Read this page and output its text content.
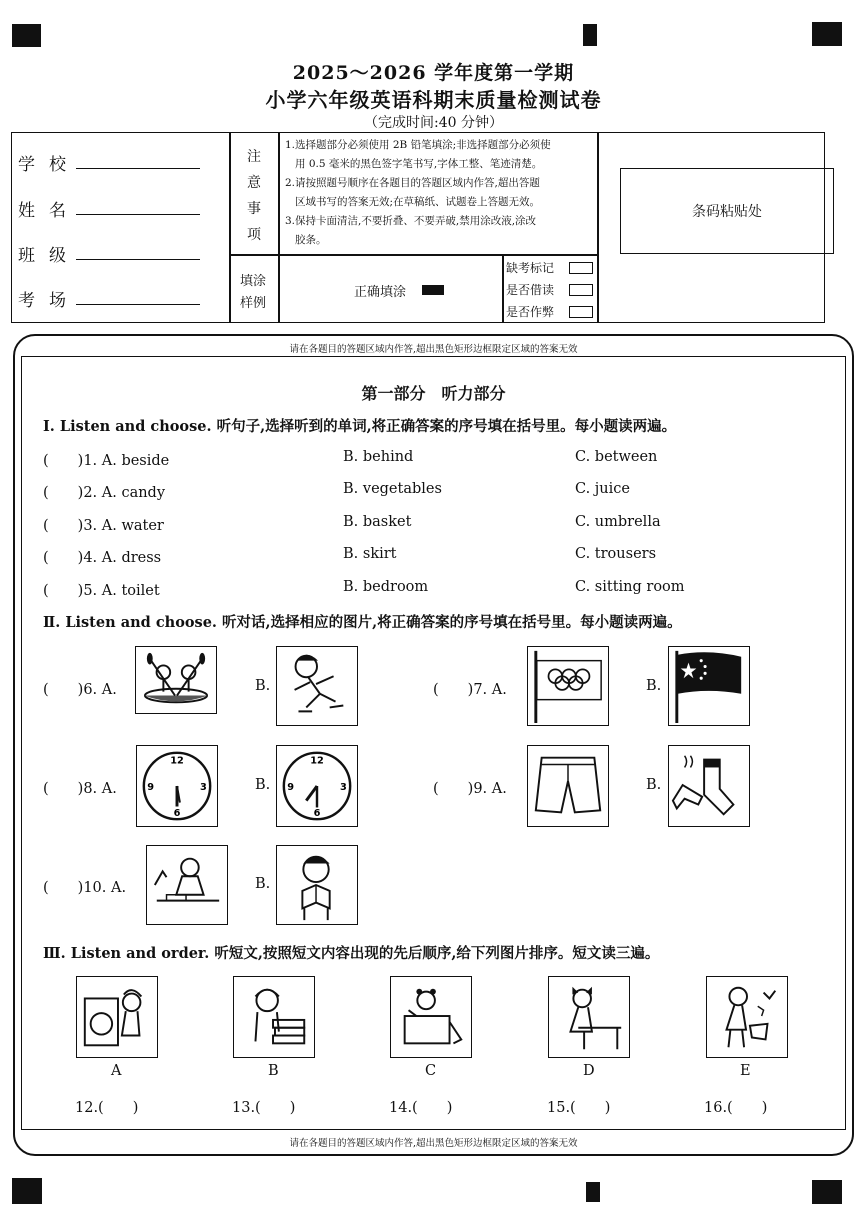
2025～2026 学年度第一学期
小学六年级英语科期末质量检测试卷
（完成时间:40 分钟）
学校
姓名
班级
考场
注
意
事
项
1.选择题部分必须使用 2B 铅笔填涂;非选择题部分必须使
用 0.5 毫米的黑色签字笔书写,字体工整、笔迹清楚。
2.请按照题号顺序在各题目的答题区域内作答,超出答题
区域书写的答案无效;在草稿纸、试题卷上答题无效。
3.保持卡面清洁,不要折叠、不要弄破,禁用涂改液,涂改
胶条。
填涂
样例
正确填涂
缺考标记
是否借读
是否作弊
条码粘贴处
请在各题目的答题区域内作答,超出黑色矩形边框限定区域的答案无效
请在各题目的答题区域内作答,超出黑色矩形边框限定区域的答案无效
第一部分　听力部分
Ⅰ. Listen and choose. 听句子,选择听到的单词,将正确答案的序号填在括号里。每小题读两遍。
(　　)1. A. beside	B. behind	C. between
(　　)2. A. candy	B. vegetables	C. juice
(　　)3. A. water	B. basket	C. umbrella
(　　)4. A. dress	B. skirt	C. trousers
(　　)5. A. toilet	B. bedroom	C. sitting room
Ⅱ. Listen and choose. 听对话,选择相应的图片,将正确答案的序号填在括号里。每小题读两遍。
(　　)6. A.	B.	(　　)7. A.	B.
(　　)8. A.
12
9	3
6
B.
12
9	3
6
(　　)9. A.	B.
(　　)10. A.	B.
Ⅲ. Listen and order. 听短文,按照短文内容出现的先后顺序,给下列图片排序。短文读三遍。
A	B	C	D	E
12.(　　)	13.(　　)	14.(　　)	15.(　　)	16.(　　)
